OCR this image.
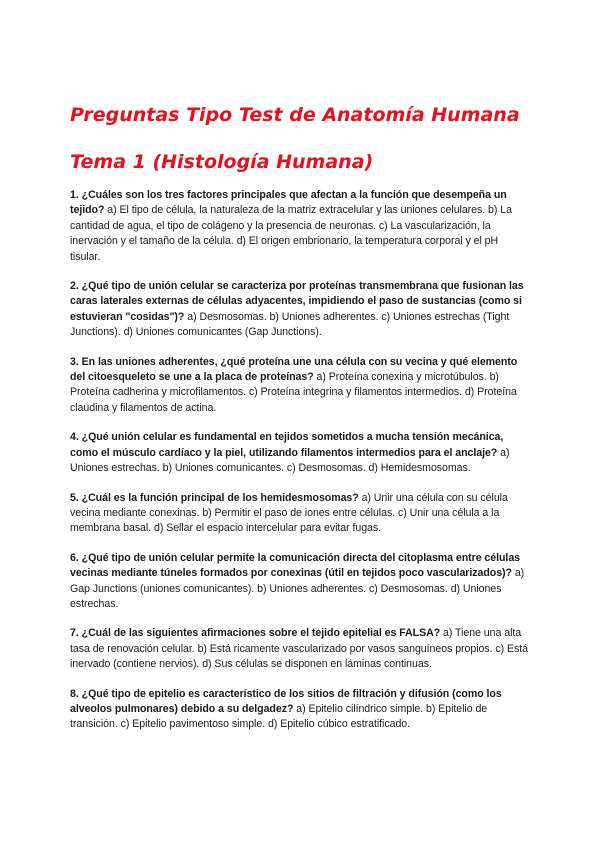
Preguntas Tipo Test de Anatomía Humana
Tema 1 (Histología Humana)

1. ¿Cuáles son los tres factores principales que afectan a la función que desempeña un tejido? a) El tipo de célula, la naturaleza de la matriz extracelular y las uniones celulares. b) La cantidad de agua, el tipo de colágeno y la presencia de neuronas. c) La vascularización, la inervación y el tamaño de la célula. d) El origen embrionario, la temperatura corporal y el pH tisular.

2. ¿Qué tipo de unión celular se caracteriza por proteínas transmembrana que fusionan las caras laterales externas de células adyacentes, impidiendo el paso de sustancias (como si estuvieran "cosidas")? a) Desmosomas. b) Uniones adherentes. c) Uniones estrechas (Tight Junctions). d) Uniones comunicantes (Gap Junctions).

3. En las uniones adherentes, ¿qué proteína une una célula con su vecina y qué elemento del citoesqueleto se une a la placa de proteínas? a) Proteína conexina y microtúbulos. b) Proteína cadherina y microfilamentos. c) Proteína integrina y filamentos intermedios. d) Proteína claudina y filamentos de actina.

4. ¿Qué unión celular es fundamental en tejidos sometidos a mucha tensión mecánica, como el músculo cardíaco y la piel, utilizando filamentos intermedios para el anclaje? a) Uniones estrechas. b) Uniones comunicantes. c) Desmosomas. d) Hemidesmosomas.

5. ¿Cuál es la función principal de los hemidesmosomas? a) Unir una célula con su célula vecina mediante conexinas. b) Permitir el paso de iones entre células. c) Unir una célula a la membrana basal. d) Sellar el espacio intercelular para evitar fugas.

6. ¿Qué tipo de unión celular permite la comunicación directa del citoplasma entre células vecinas mediante túneles formados por conexinas (útil en tejidos poco vascularizados)? a) Gap Junctions (uniones comunicantes). b) Uniones adherentes. c) Desmosomas. d) Uniones estrechas.

7. ¿Cuál de las siguientes afirmaciones sobre el tejido epitelial es FALSA? a) Tiene una alta tasa de renovación celular. b) Está ricamente vascularizado por vasos sanguíneos propios. c) Está inervado (contiene nervios). d) Sus células se disponen en láminas continuas.

8. ¿Qué tipo de epitelio es característico de los sitios de filtración y difusión (como los alveolos pulmonares) debido a su delgadez? a) Epitelio cilíndrico simple. b) Epitelio de transición. c) Epitelio pavimentoso simple. d) Epitelio cúbico estratificado.
